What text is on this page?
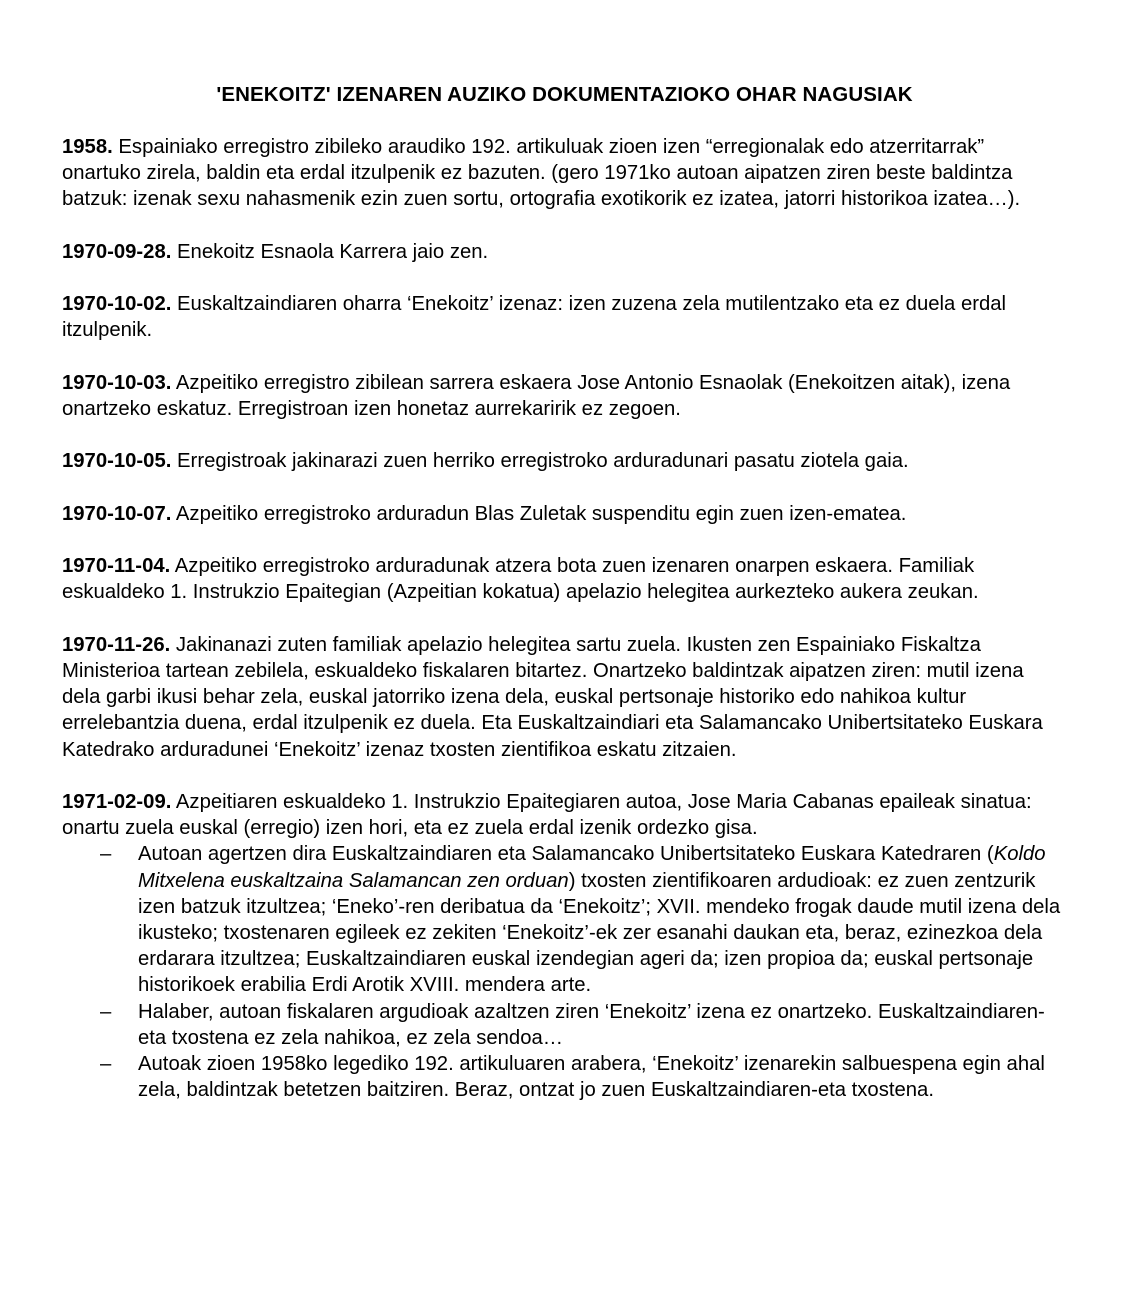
'ENEKOITZ' IZENAREN AUZIKO DOKUMENTAZIOKO OHAR NAGUSIAK

1958. Espainiako erregistro zibileko araudiko 192. artikuluak zioen izen “erregionalak edo atzerritarrak” onartuko zirela, baldin eta erdal itzulpenik ez bazuten. (gero 1971ko autoan aipatzen ziren beste baldintza batzuk: izenak sexu nahasmenik ezin zuen sortu, ortografia exotikorik ez izatea, jatorri historikoa izatea…).

1970-09-28. Enekoitz Esnaola Karrera jaio zen.

1970-10-02. Euskaltzaindiaren oharra ‘Enekoitz’ izenaz: izen zuzena zela mutilentzako eta ez duela erdal itzulpenik.

1970-10-03. Azpeitiko erregistro zibilean sarrera eskaera Jose Antonio Esnaolak (Enekoitzen aitak), izena onartzeko eskatuz. Erregistroan izen honetaz aurrekaririk ez zegoen.

1970-10-05. Erregistroak jakinarazi zuen herriko erregistroko arduradunari pasatu ziotela gaia.

1970-10-07. Azpeitiko erregistroko arduradun Blas Zuletak suspenditu egin zuen izen-ematea.

1970-11-04. Azpeitiko erregistroko arduradunak atzera bota zuen izenaren onarpen eskaera. Familiak eskualdeko 1. Instrukzio Epaitegian (Azpeitian kokatua) apelazio helegitea aurkezteko aukera zeukan.

1970-11-26. Jakinanazi zuten familiak apelazio helegitea sartu zuela. Ikusten zen Espainiako Fiskaltza Ministerioa tartean zebilela, eskualdeko fiskalaren bitartez. Onartzeko baldintzak aipatzen ziren: mutil izena dela garbi ikusi behar zela, euskal jatorriko izena dela, euskal pertsonaje historiko edo nahikoa kultur errelebantzia duena, erdal itzulpenik ez duela. Eta Euskaltzaindiari eta Salamancako Unibertsitateko Euskara Katedrako arduradunei ‘Enekoitz’ izenaz txosten zientifikoa eskatu zitzaien.

1971-02-09. Azpeitiaren eskualdeko 1. Instrukzio Epaitegiaren autoa, Jose Maria Cabanas epaileak sinatua: onartu zuela euskal (erregio) izen hori, eta ez zuela erdal izenik ordezko gisa.

– Autoan agertzen dira Euskaltzaindiaren eta Salamancako Unibertsitateko Euskara Katedraren (Koldo Mitxelena euskaltzaina Salamancan zen orduan) txosten zientifikoaren ardudioak: ez zuen zentzurik izen batzuk itzultzea; ‘Eneko’-ren deribatua da ‘Enekoitz’; XVII. mendeko frogak daude mutil izena dela ikusteko; txostenaren egileek ez zekiten ‘Enekoitz’-ek zer esanahi daukan eta, beraz, ezinezkoa dela erdarara itzultzea; Euskaltzaindiaren euskal izendegian ageri da; izen propioa da; euskal pertsonaje historikoek erabilia Erdi Arotik XVIII. mendera arte.
– Halaber, autoan fiskalaren argudioak azaltzen ziren ‘Enekoitz’ izena ez onartzeko. Euskaltzaindiaren-eta txostena ez zela nahikoa, ez zela sendoa…
– Autoak zioen 1958ko legediko 192. artikuluaren arabera, ‘Enekoitz’ izenarekin salbuespena egin ahal zela, baldintzak betetzen baitziren. Beraz, ontzat jo zuen Euskaltzaindiaren-eta txostena.
